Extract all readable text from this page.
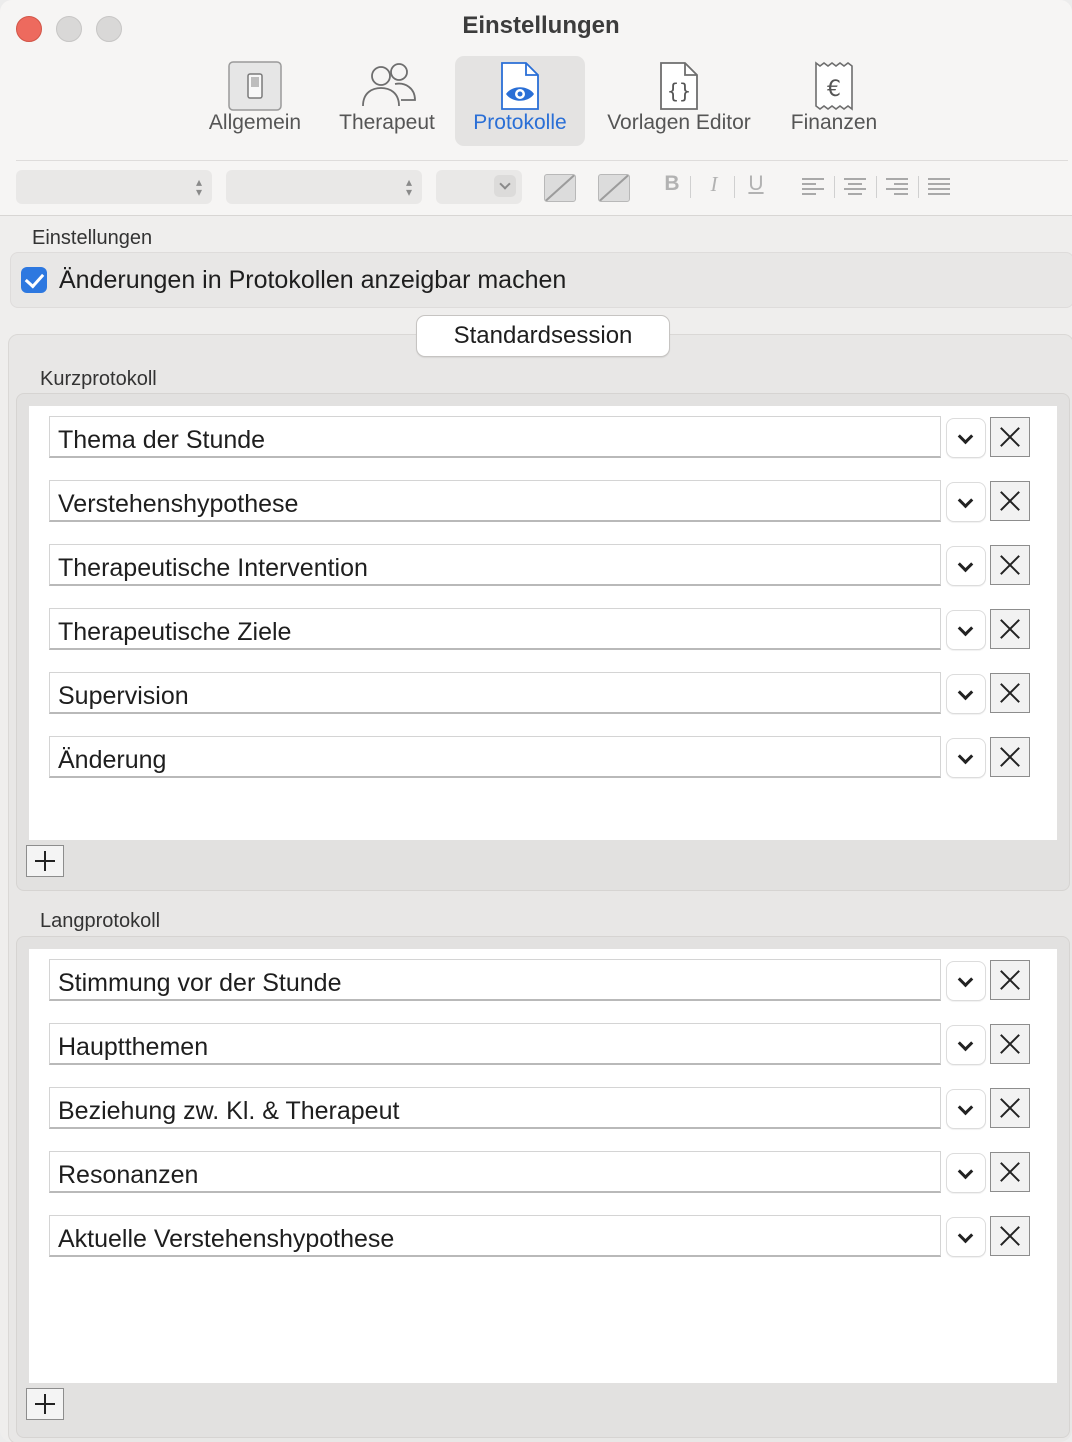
Einstellungen
Allgemein	Therapeut	Protokolle
{}
Vorlagen Editor
€
Finanzen
▴
▾
▴
▾	B	I	U
Einstellungen
Änderungen in Protokollen anzeigbar machen
Standardsession
Kurzprotokoll
Thema der Stunde
Verstehenshypothese
Therapeutische Intervention
Therapeutische Ziele
Supervision
Änderung
Langprotokoll
Stimmung vor der Stunde
Hauptthemen
Beziehung zw. Kl. & Therapeut
Resonanzen
Aktuelle Verstehenshypothese
